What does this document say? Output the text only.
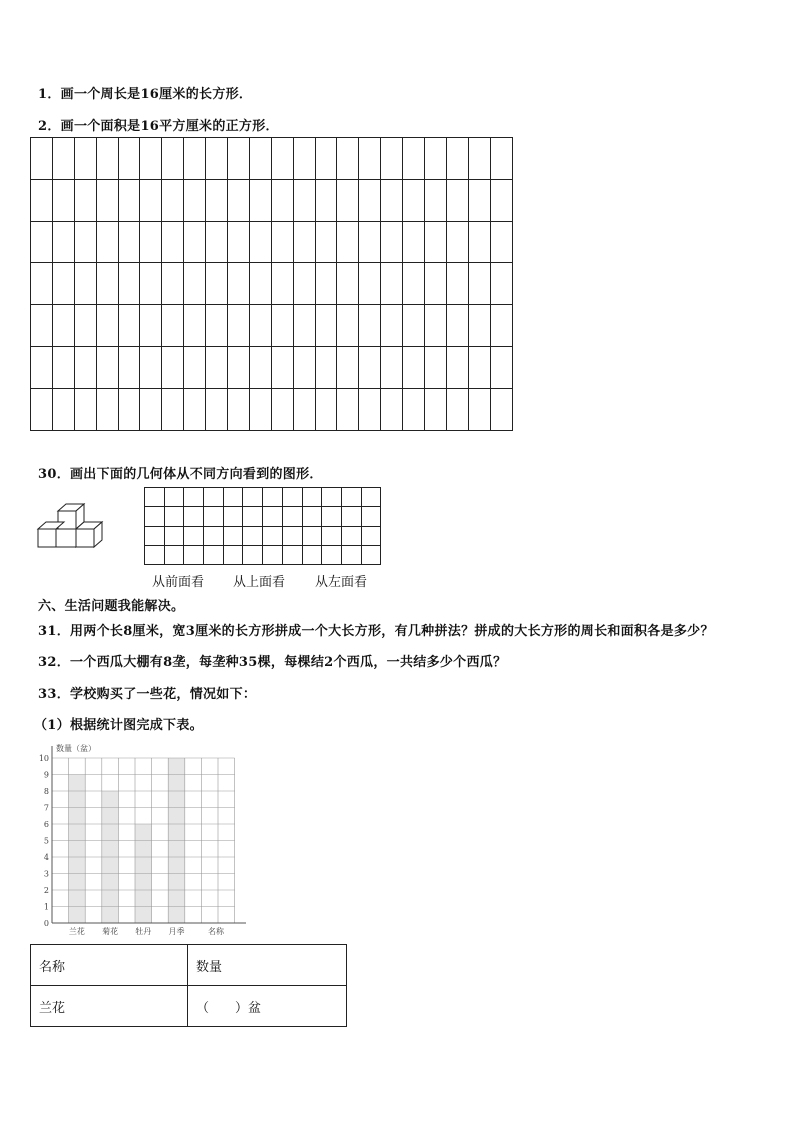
1．画一个周长是16厘米的长方形．
2．画一个面积是16平方厘米的正方形．

30．画出下面的几何体从不同方向看到的图形．

从前面看 从上面看 从左面看
六、生活问题我能解决。
31．用两个长8厘米，宽3厘米的长方形拼成一个大长方形，有几种拼法？拼成的大长方形的周长和面积各是多少？
32．一个西瓜大棚有8垄，每垄种35棵，每棵结2个西瓜，一共结多少个西瓜？
33．学校购买了一些花，情况如下：
（1）根据统计图完成下表。
数量（盆）
0
1
2
3
4
5
6
7
8
9
10
兰花 菊花 牡丹 月季	名称
名称	数量
兰花	（　　）盆
